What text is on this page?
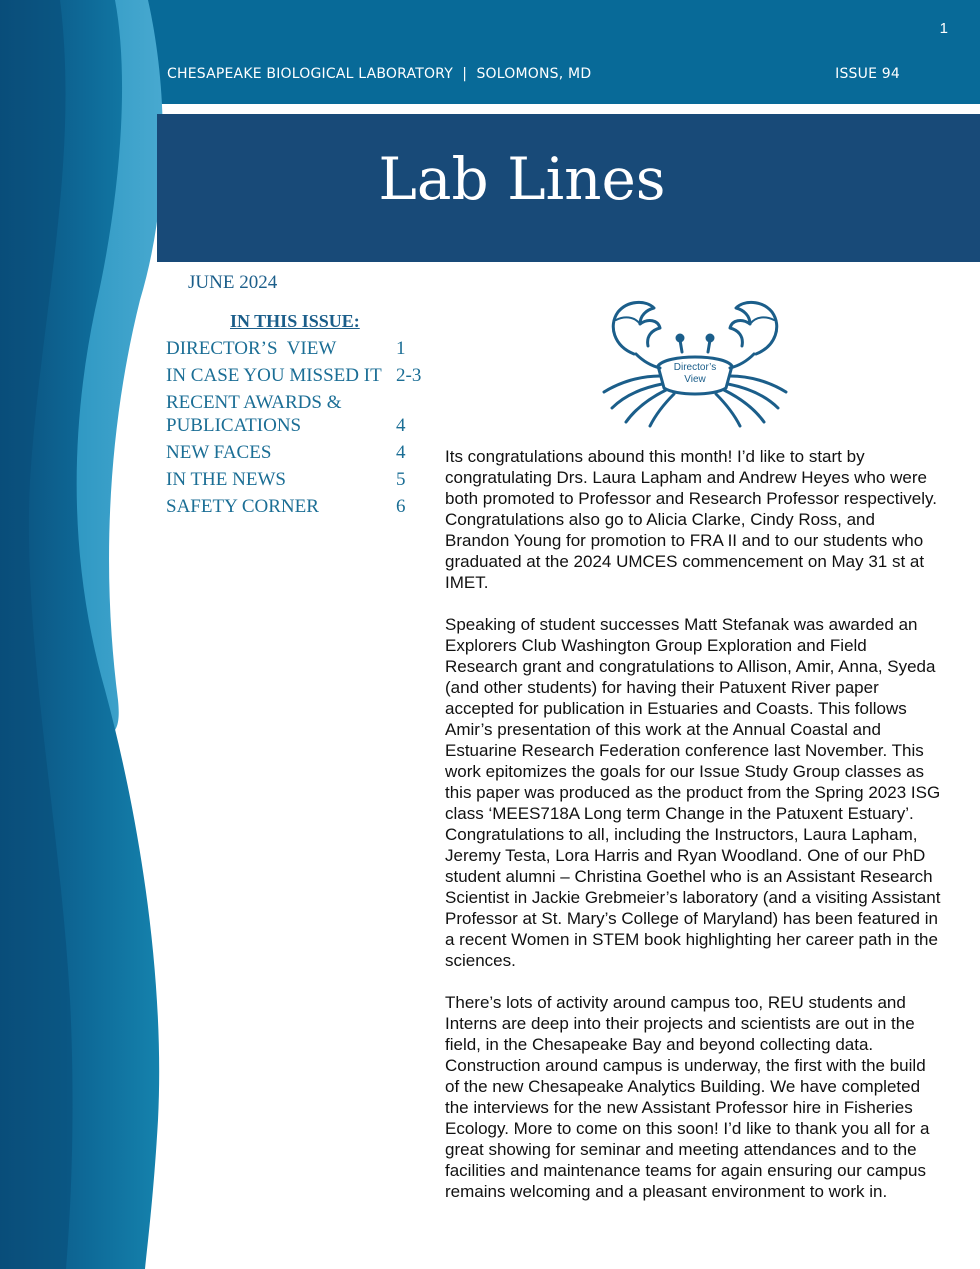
1
CHESAPEAKE BIOLOGICAL LABORATORY  |  SOLOMONS, MD	ISSUE 94
Lab Lines
JUNE 2024
IN THIS ISSUE:
DIRECTOR’S  VIEW	1
IN CASE YOU MISSED IT 2-3
RECENT AWARDS & PUBLICATIONS	4
NEW FACES	4
IN THE NEWS	5
SAFETY CORNER	6
Director’s
View

Its congratulations abound this month! I’d like to start by congratulating Drs. Laura Lapham and Andrew Heyes who were both promoted to Professor and Research Professor respectively. Congratulations also go to Alicia Clarke, Cindy Ross, and Brandon Young for promotion to FRA II and to our students who graduated at the 2024 UMCES commencement on May 31 st at IMET.

Speaking of student successes Matt Stefanak was awarded an Explorers Club Washington Group Exploration and Field Research grant and congratulations to Allison, Amir, Anna, Syeda (and other students) for having their Patuxent River paper accepted for publication in Estuaries and Coasts. This follows Amir’s presentation of this work at the Annual Coastal and Estuarine Research Federation conference last November. This work epitomizes the goals for our Issue Study Group classes as this paper was produced as the product from the Spring 2023 ISG class ‘MEES718A Long term Change in the Patuxent Estuary’. Congratulations to all, including the Instructors, Laura Lapham, Jeremy Testa, Lora Harris and Ryan Woodland. One of our PhD student alumni – Christina Goethel who is an Assistant Research Scientist in Jackie Grebmeier’s laboratory (and a visiting Assistant Professor at St. Mary’s College of Maryland) has been featured in a recent Women in STEM book highlighting her career path in the sciences.

There’s lots of activity around campus too, REU students and Interns are deep into their projects and scientists are out in the field, in the Chesapeake Bay and beyond collecting data. Construction around campus is underway, the first with the build of the new Chesapeake Analytics Building. We have completed the interviews for the new Assistant Professor hire in Fisheries Ecology. More to come on this soon! I’d like to thank you all for a great showing for seminar and meeting attendances and to the facilities and maintenance teams for again ensuring our campus remains welcoming and a pleasant environment to work in.
